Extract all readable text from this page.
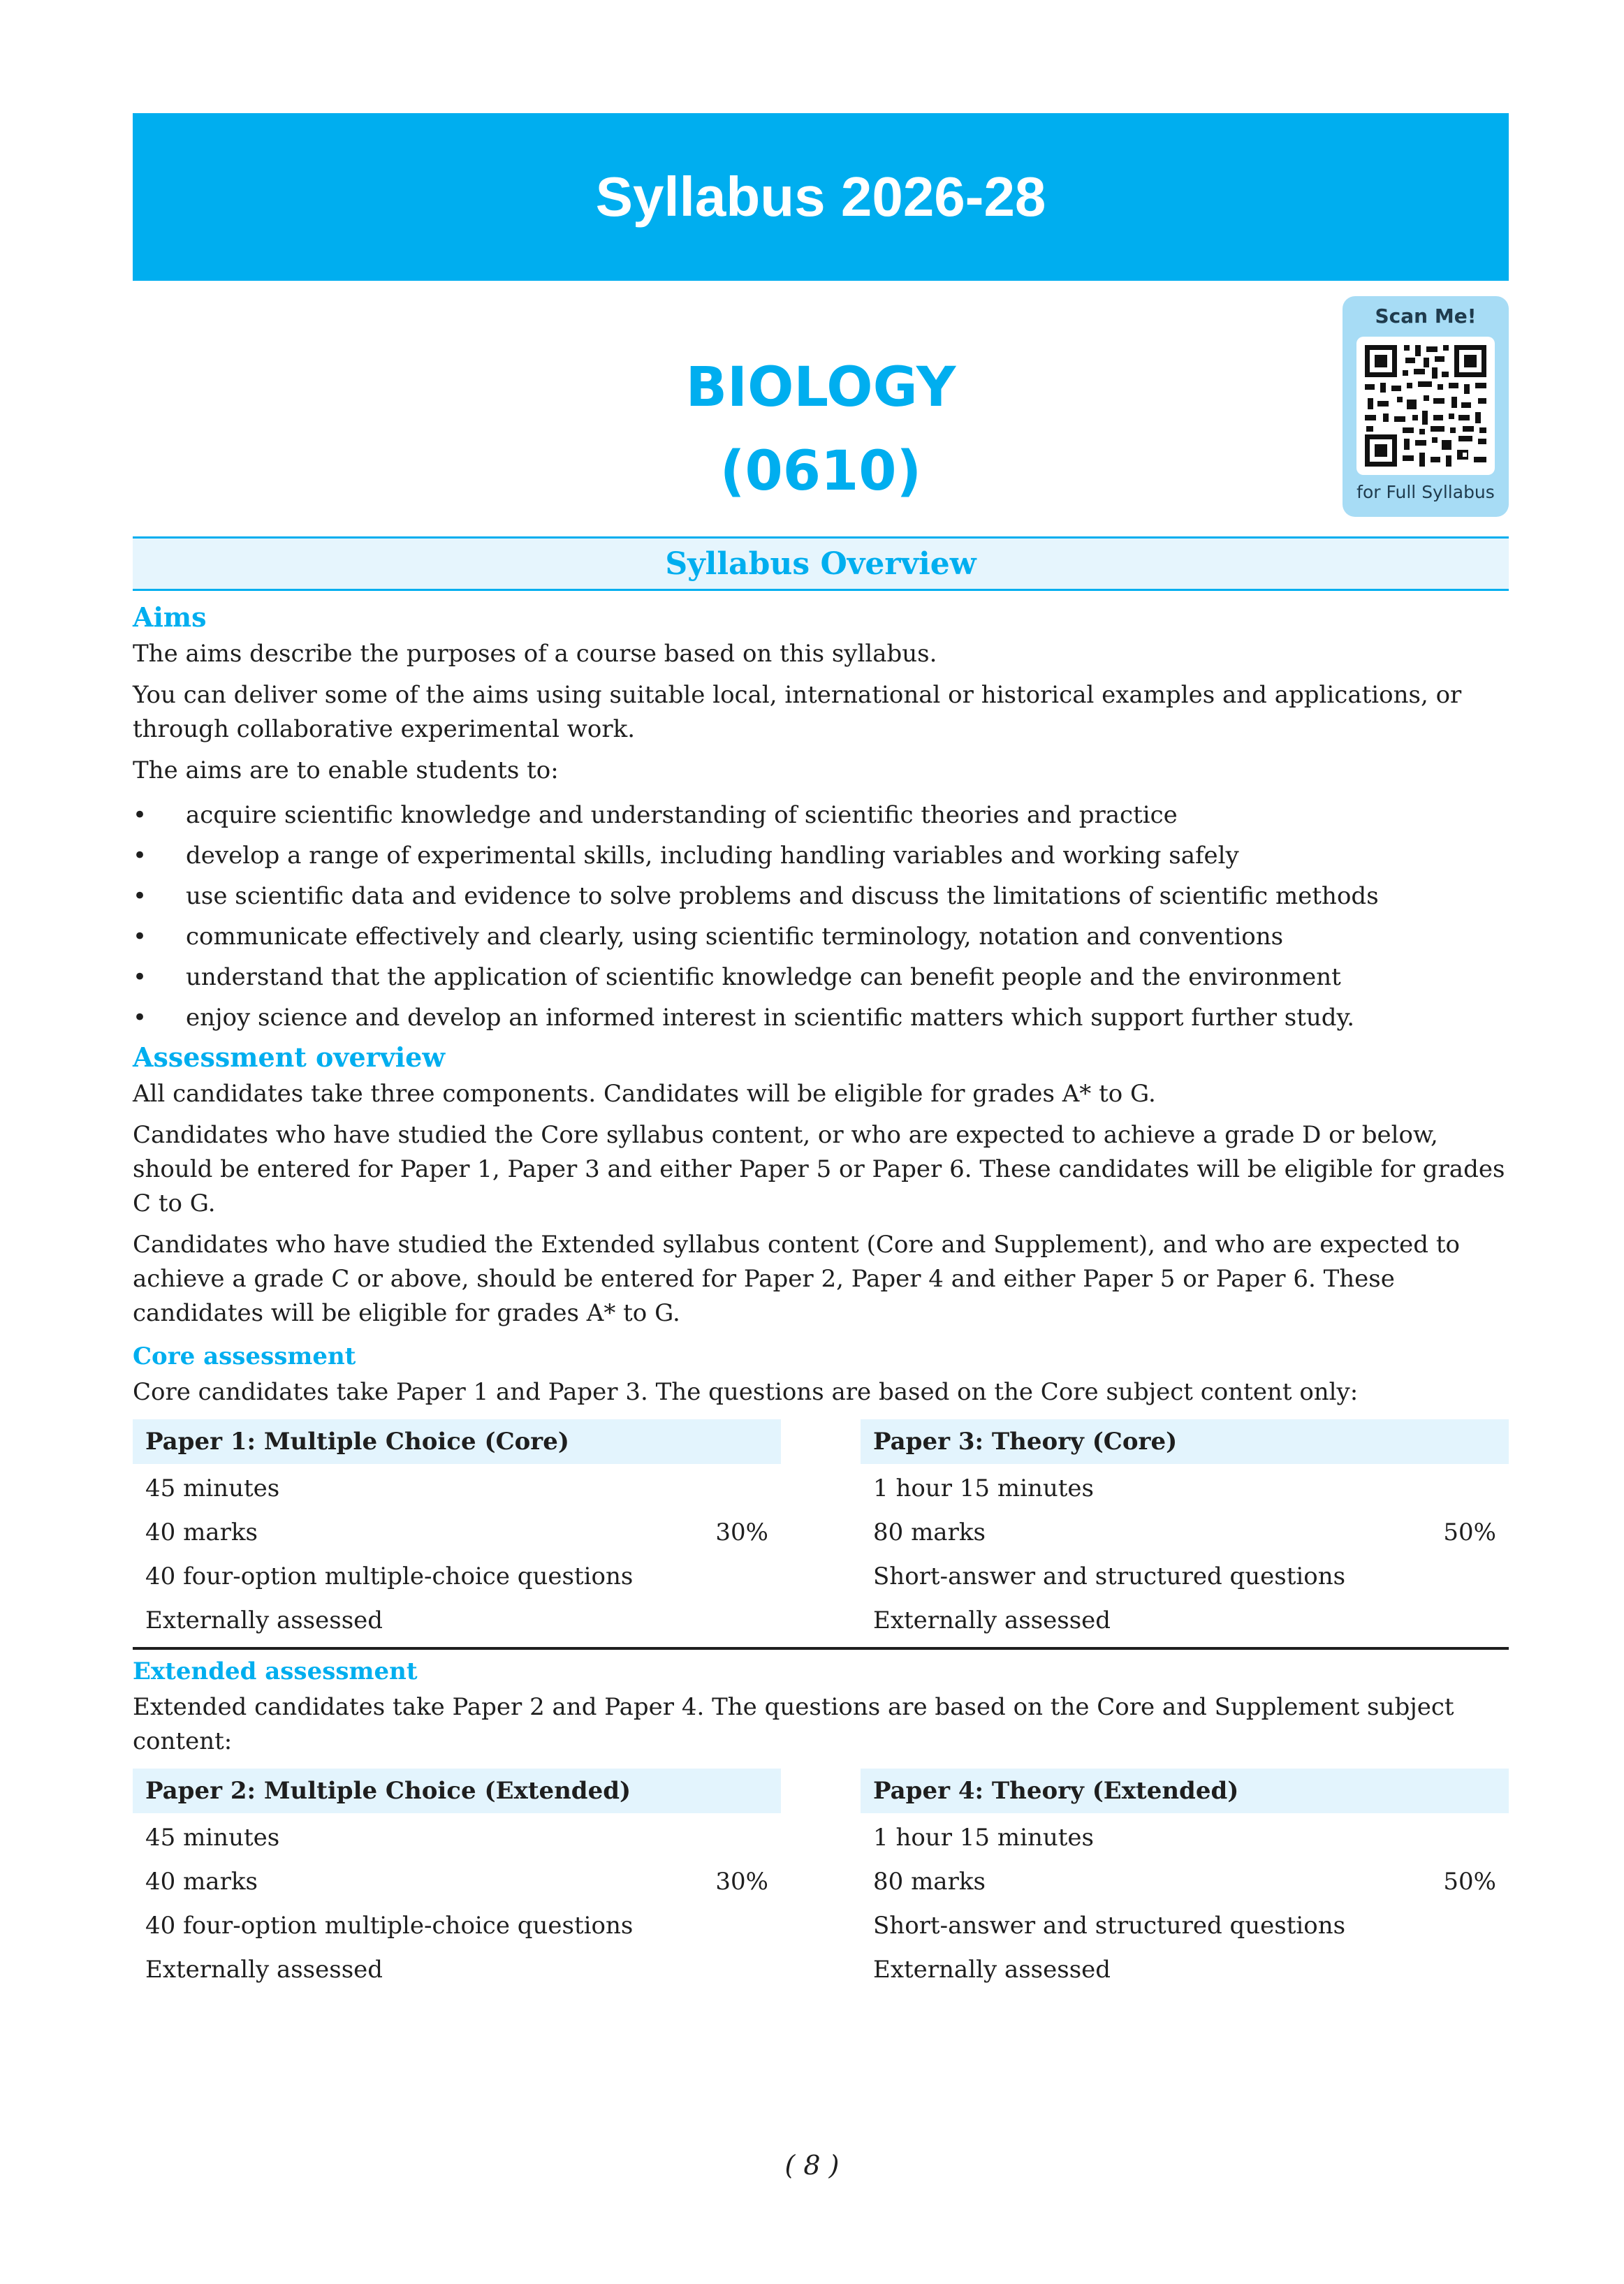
Syllabus 2026-28
BIOLOGY
(0610)
Scan Me!
for Full Syllabus
Syllabus Overview
Aims

The aims describe the purposes of a course based on this syllabus.

You can deliver some of the aims using suitable local, international or historical examples and applications, or through collaborative experimental work.

The aims are to enable students to:

• acquire scientific knowledge and understanding of scientific theories and practice
• develop a range of experimental skills, including handling variables and working safely
• use scientific data and evidence to solve problems and discuss the limitations of scientific methods
• communicate effectively and clearly, using scientific terminology, notation and conventions
• understand that the application of scientific knowledge can benefit people and the environment
• enjoy science and develop an informed interest in scientific matters which support further study.
Assessment overview

All candidates take three components. Candidates will be eligible for grades A* to G.

Candidates who have studied the Core syllabus content, or who are expected to achieve a grade D or below, should be entered for Paper 1, Paper 3 and either Paper 5 or Paper 6. These candidates will be eligible for grades C to G.

Candidates who have studied the Extended syllabus content (Core and Supplement), and who are expected to achieve a grade C or above, should be entered for Paper 2, Paper 4 and either Paper 5 or Paper 6. These candidates will be eligible for grades A* to G.

Core assessment

Core candidates take Paper 1 and Paper 3. The questions are based on the Core subject content only:

Paper 1: Multiple Choice (Core)
45 minutes
40 marks	30%
40 four-option multiple-choice questions
Externally assessed
Paper 3: Theory (Core)
1 hour 15 minutes
80 marks	50%
Short-answer and structured questions
Externally assessed
Extended assessment

Extended candidates take Paper 2 and Paper 4. The questions are based on the Core and Supplement subject content:

Paper 2: Multiple Choice (Extended)
45 minutes
40 marks	30%
40 four-option multiple-choice questions
Externally assessed
Paper 4: Theory (Extended)
1 hour 15 minutes
80 marks	50%
Short-answer and structured questions
Externally assessed
( 8 )
